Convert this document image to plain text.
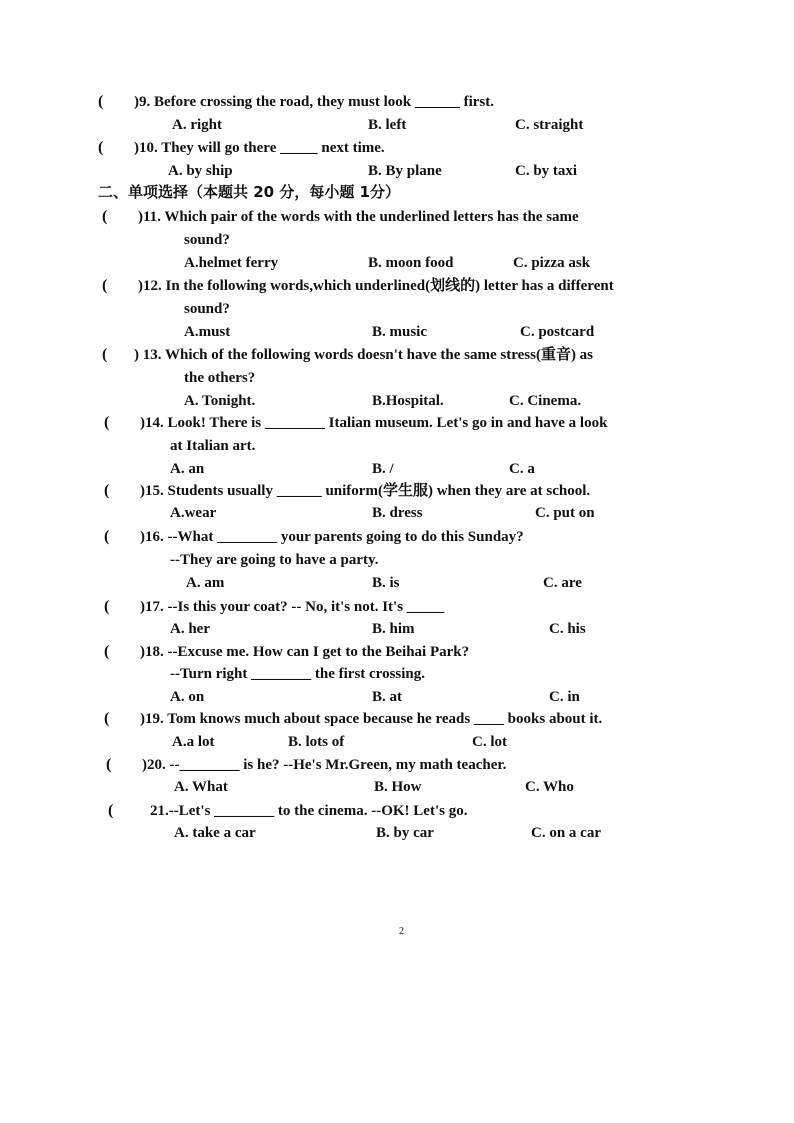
( )9. Before crossing the road, they must look ______ first.
A. right	B. left	C. straight
( )10. They will go there _____ next time.
A. by ship	B. By plane	C. by taxi
二、单项选择（本题共 20 分，每小题 1分）
( )11. Which pair of the words with the underlined letters has the same
sound?
A.helmet ferry	B. moon food	C. pizza ask
( )12. In the following words,which underlined(划线的) letter has a different
sound?
A.must	B. music	C. postcard
( ) 13. Which of the following words doesn't have the same stress(重音) as
the others?
A. Tonight.	B.Hospital.	C. Cinema.
( )14. Look! There is ________ Italian museum. Let's go in and have a look
at Italian art.
A. an	B. /	C. a
( )15. Students usually ______ uniform(学生服) when they are at school.
A.wear	B. dress	C. put on
( )16. --What ________ your parents going to do this Sunday?
--They are going to have a party.
A. am	B. is	C. are
( )17. --Is this your coat? -- No, it's not. It's _____
A. her	B. him	C. his
( )18. --Excuse me. How can I get to the Beihai Park?
--Turn right ________ the first crossing.
A. on	B. at	C. in
( )19. Tom knows much about space because he reads ____ books about it.
A.a lot	B. lots of	C. lot
( )20. --________ is he? --He's Mr.Green, my math teacher.
A. What	B. How	C. Who
( 21.--Let's ________ to the cinema. --OK! Let's go.
A. take a car	B. by car	C. on a car
2
